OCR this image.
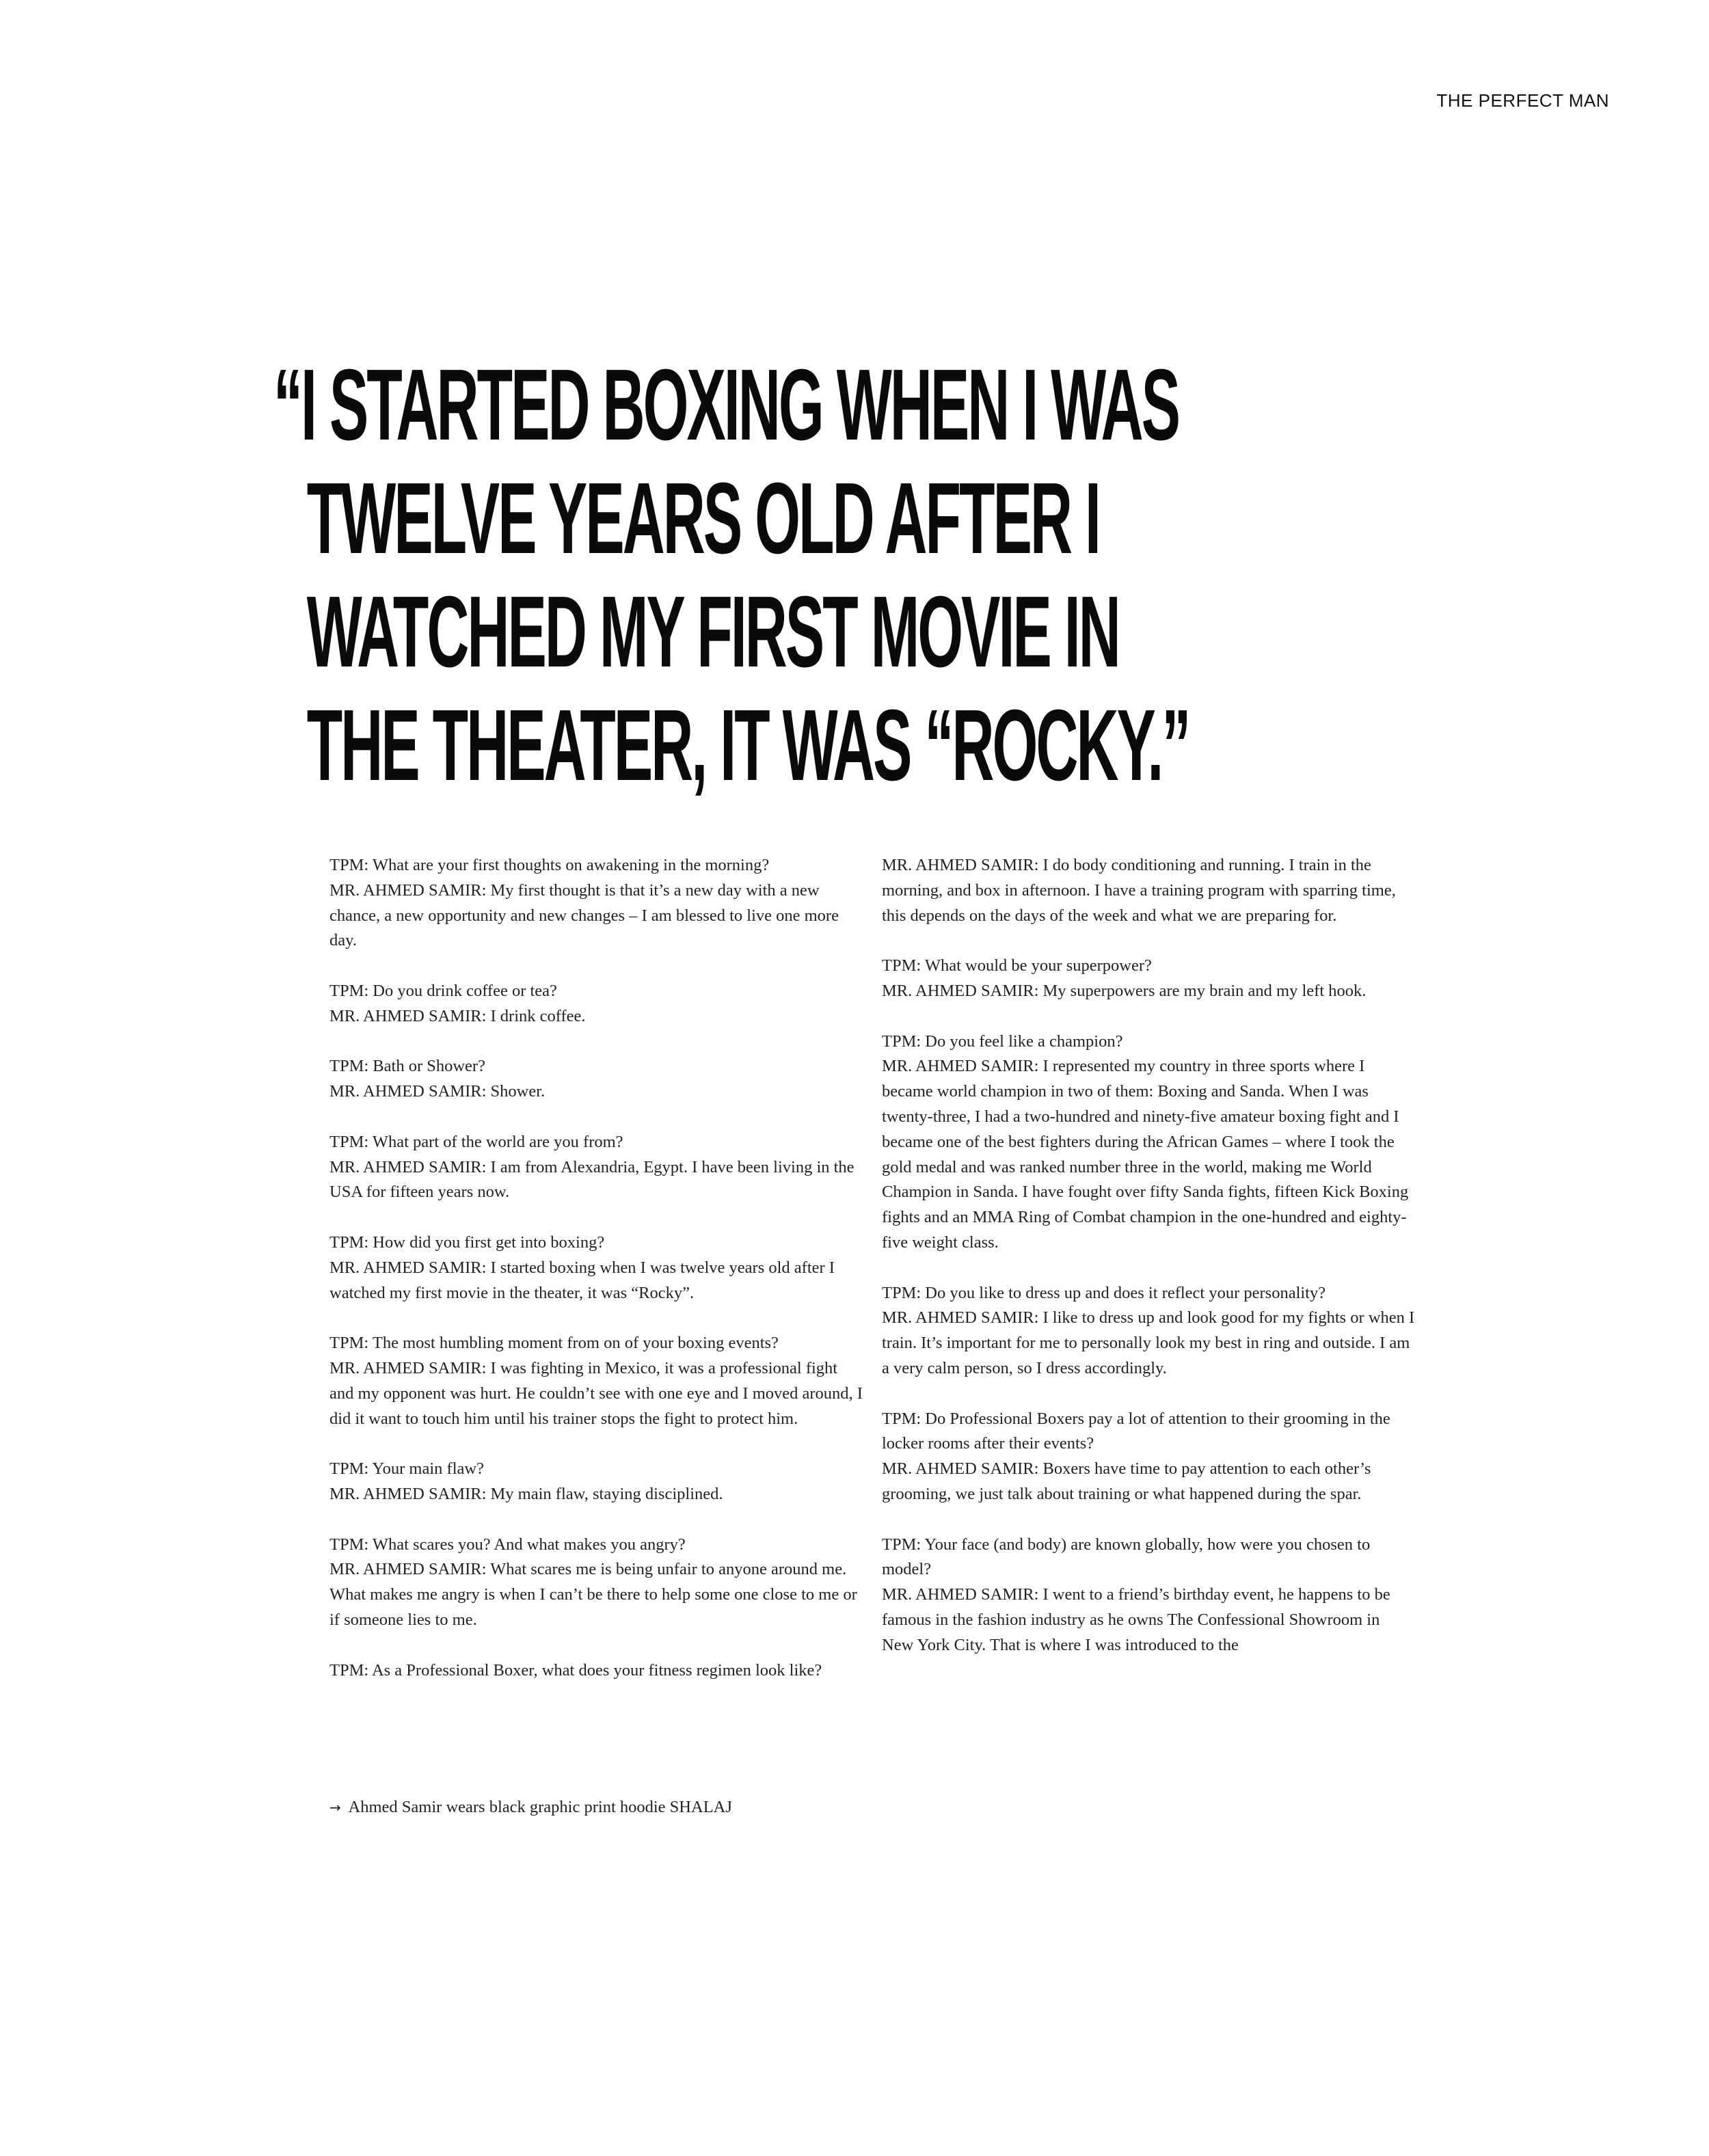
THE PERFECT MAN
“I STARTED BOXING WHEN I WAS
TWELVE YEARS OLD AFTER I
WATCHED MY FIRST MOVIE IN
THE THEATER, IT WAS “ROCKY.”

TPM: What are your first thoughts on awakening in the morning?

MR. AHMED SAMIR: My first thought is that it’s a new day with a new chance, a new opportunity and new changes – I am blessed to live one more day.

TPM: Do you drink coffee or tea?

MR. AHMED SAMIR: I drink coffee.

TPM: Bath or Shower?

MR. AHMED SAMIR: Shower.

TPM: What part of the world are you from?

MR. AHMED SAMIR: I am from Alexandria, Egypt. I have been living in the USA for fifteen years now.

TPM: How did you first get into boxing?

MR. AHMED SAMIR: I started boxing when I was twelve years old after I watched my first movie in the theater, it was “Rocky”.

TPM: The most humbling moment from on of your boxing events?

MR. AHMED SAMIR: I was fighting in Mexico, it was a professional fight and my opponent was hurt. He couldn’t see with one eye and I moved around, I did it want to touch him until his trainer stops the fight to protect him.

TPM: Your main flaw?

MR. AHMED SAMIR: My main flaw, staying disciplined.

TPM: What scares you? And what makes you angry?

MR. AHMED SAMIR: What scares me is being unfair to anyone around me. What makes me angry is when I can’t be there to help some one close to me or if someone lies to me.

TPM: As a Professional Boxer, what does your fitness regimen look like?

MR. AHMED SAMIR: I do body conditioning and running. I train in the morning, and box in afternoon. I have a training program with sparring time, this depends on the days of the week and what we are preparing for.

TPM: What would be your superpower?

MR. AHMED SAMIR: My superpowers are my brain and my left hook.

TPM: Do you feel like a champion?

MR. AHMED SAMIR: I represented my country in three sports where I became world champion in two of them: Boxing and Sanda. When I was twenty-three, I had a two-hundred and ninety-five amateur boxing fight and I became one of the best fighters during the African Games – where I took the gold medal and was ranked number three in the world, making me World Champion in Sanda. I have fought over fifty Sanda fights, fifteen Kick Boxing fights and an MMA Ring of Combat champion in the one-hundred and eighty-five weight class.

TPM: Do you like to dress up and does it reflect your personality?

MR. AHMED SAMIR: I like to dress up and look good for my fights or when I train. It’s important for me to personally look my best in ring and outside. I am a very calm person, so I dress accordingly.

TPM: Do Professional Boxers pay a lot of attention to their grooming in the locker rooms after their events?

MR. AHMED SAMIR: Boxers have time to pay attention to each other’s grooming, we just talk about training or what happened during the spar.

TPM: Your face (and body) are known globally, how were you chosen to model?

MR. AHMED SAMIR: I went to a friend’s birthday event, he happens to be famous in the fashion industry as he owns The Confessional Showroom in New York City. That is where I was introduced to the

→ Ahmed Samir wears black graphic print hoodie SHALAJ
